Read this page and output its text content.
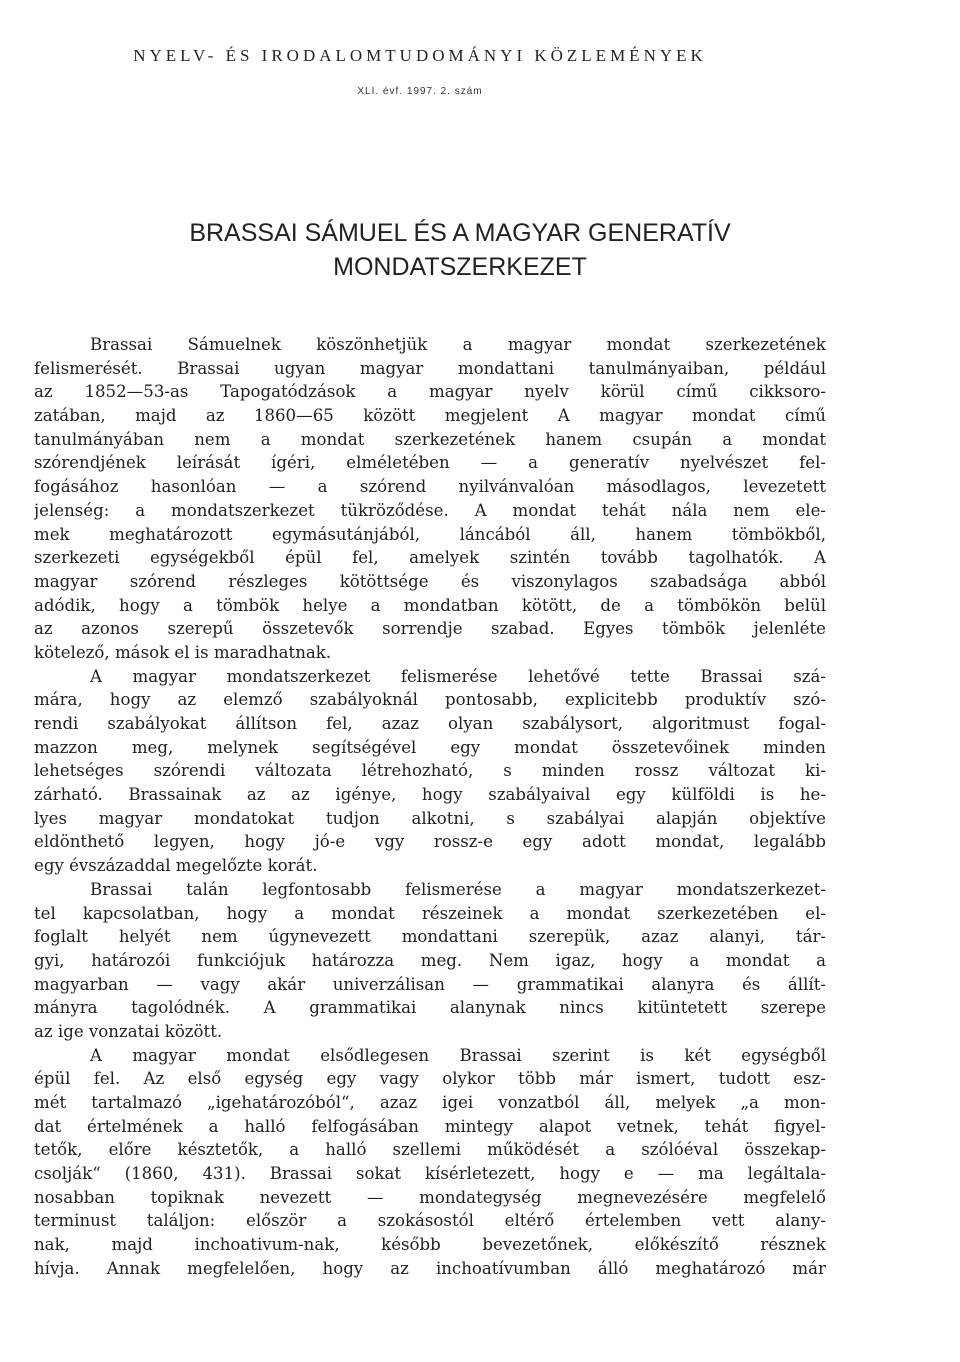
NYELV- ÉS IRODALOMTUDOMÁNYI KÖZLEMÉNYEK
XLI. évf. 1997. 2. szám
BRASSAI SÁMUEL ÉS A MAGYAR GENERATÍV
MONDATSZERKEZET
Brassai Sámuelnek köszönhetjük a magyar mondat szerkezetének
felismerését. Brassai ugyan magyar mondattani tanulmányaiban, például
az 1852—53-as Tapogatódzások a magyar nyelv körül című cikksoro-
zatában, majd az 1860—65 között megjelent A magyar mondat című
tanulmányában nem a mondat szerkezetének hanem csupán a mondat
szórendjének leírását ígéri, elméletében — a generatív nyelvészet fel-
fogásához hasonlóan — a szórend nyilvánvalóan másodlagos, levezetett
jelenség: a mondatszerkezet tükröződése. A mondat tehát nála nem ele-
mek meghatározott egymásutánjából, láncából áll, hanem tömbökből,
szerkezeti egységekből épül fel, amelyek szintén tovább tagolhatók. A
magyar szórend részleges kötöttsége és viszonylagos szabadsága abból
adódik, hogy a tömbök helye a mondatban kötött, de a tömbökön belül
az azonos szerepű összetevők sorrendje szabad. Egyes tömbök jelenléte
kötelező, mások el is maradhatnak.
A magyar mondatszerkezet felismerése lehetővé tette Brassai szá-
mára, hogy az elemző szabályoknál pontosabb, explicitebb produktív szó-
rendi szabályokat állítson fel, azaz olyan szabálysort, algoritmust fogal-
mazzon meg, melynek segítségével egy mondat összetevőinek minden
lehetséges szórendi változata létrehozható, s minden rossz változat ki-
zárható. Brassainak az az igénye, hogy szabályaival egy külföldi is he-
lyes magyar mondatokat tudjon alkotni, s szabályai alapján objektíve
eldönthető legyen, hogy jó-e vgy rossz-e egy adott mondat, legalább
egy évszázaddal megelőzte korát.
Brassai talán legfontosabb felismerése a magyar mondatszerkezet-
tel kapcsolatban, hogy a mondat részeinek a mondat szerkezetében el-
foglalt helyét nem úgynevezett mondattani szerepük, azaz alanyi, tár-
gyi, határozói funkciójuk határozza meg. Nem igaz, hogy a mondat a
magyarban — vagy akár univerzálisan — grammatikai alanyra és állít-
mányra tagolódnék. A grammatikai alanynak nincs kitüntetett szerepe
az ige vonzatai között.
A magyar mondat elsődlegesen Brassai szerint is két egységből
épül fel. Az első egység egy vagy olykor több már ismert, tudott esz-
mét tartalmazó „igehatározóból“, azaz igei vonzatból áll, melyek „a mon-
dat értelmének a halló felfogásában mintegy alapot vetnek, tehát figyel-
tetők, előre késztetők, a halló szellemi működését a szólóéval összekap-
csolják“ (1860, 431). Brassai sokat kísérletezett, hogy e — ma legáltala-
nosabban topiknak nevezett — mondategység megnevezésére megfelelő
terminust találjon: először a szokásostól eltérő értelemben vett alany-
nak, majd inchoativum-nak, később bevezetőnek, előkészítő résznek
hívja. Annak megfelelően, hogy az inchoatívumban álló meghatározó már
